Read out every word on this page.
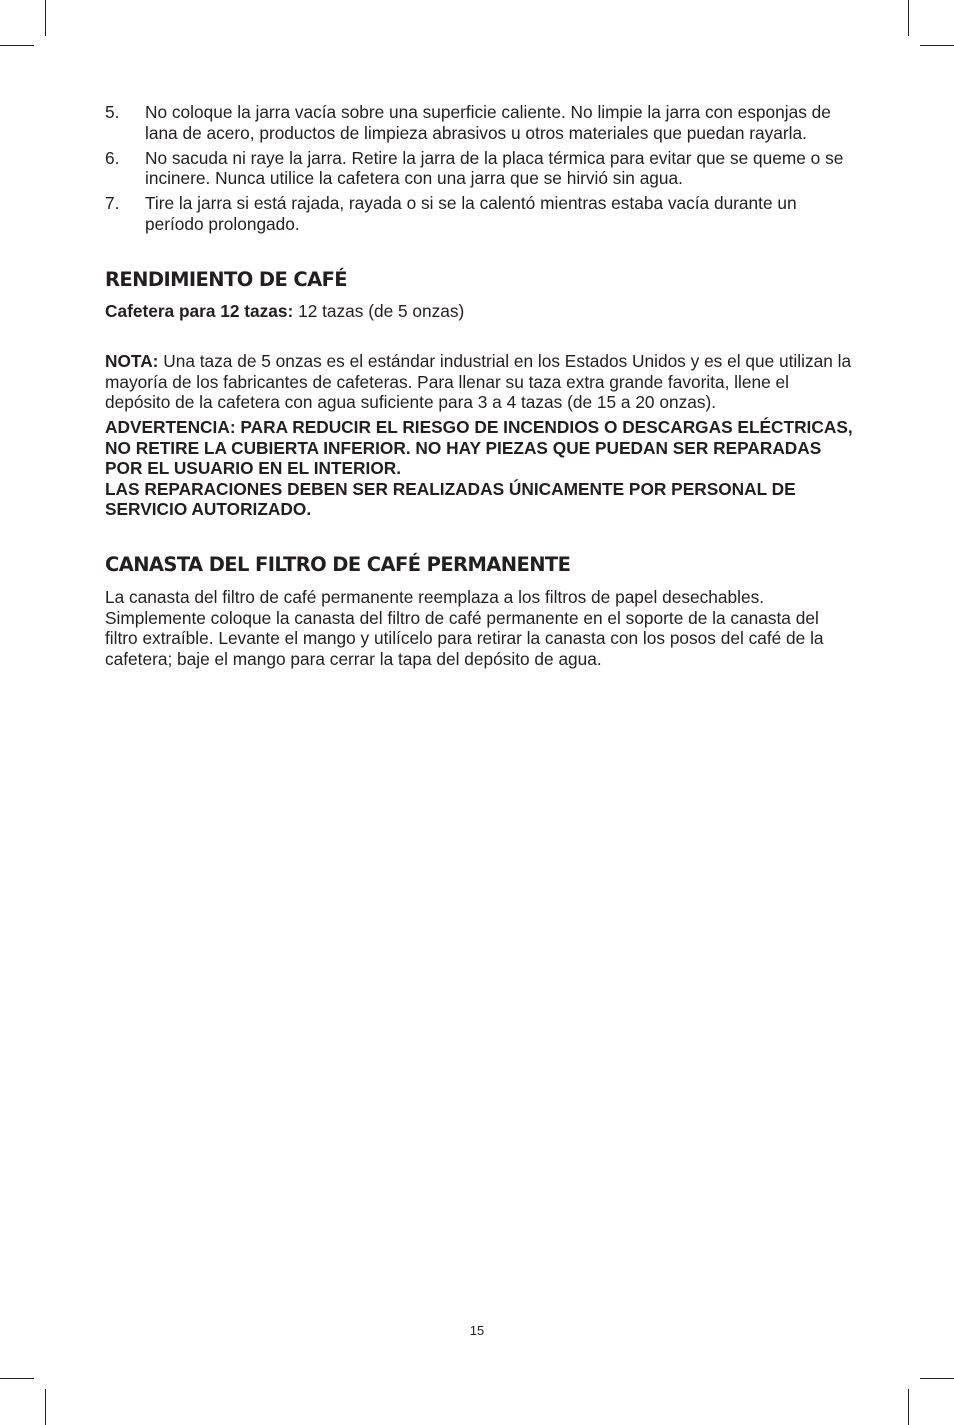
5. No coloque la jarra vacía sobre una superficie caliente. No limpie la jarra con esponjas de lana de acero, productos de limpieza abrasivos u otros materiales que puedan rayarla.
6. No sacuda ni raye la jarra. Retire la jarra de la placa térmica para evitar que se queme o se incinere. Nunca utilice la cafetera con una jarra que se hirvió sin agua.
7. Tire la jarra si está rajada, rayada o si se la calentó mientras estaba vacía durante un período prolongado.
RENDIMIENTO DE CAFÉ

Cafetera para 12 tazas: 12 tazas (de 5 onzas)

NOTA: Una taza de 5 onzas es el estándar industrial en los Estados Unidos y es el que utilizan la mayoría de los fabricantes de cafeteras. Para llenar su taza extra grande favorita, llene el depósito de la cafetera con agua suficiente para 3 a 4 tazas (de 15 a 20 onzas).

ADVERTENCIA: PARA REDUCIR EL RIESGO DE INCENDIOS O DESCARGAS ELÉCTRICAS, NO RETIRE LA CUBIERTA INFERIOR. NO HAY PIEZAS QUE PUEDAN SER REPARADAS POR EL USUARIO EN EL INTERIOR.

LAS REPARACIONES DEBEN SER REALIZADAS ÚNICAMENTE POR PERSONAL DE SERVICIO AUTORIZADO.

CANASTA DEL FILTRO DE CAFÉ PERMANENTE

La canasta del filtro de café permanente reemplaza a los filtros de papel desechables. Simplemente coloque la canasta del filtro de café permanente en el soporte de la canasta del filtro extraíble. Levante el mango y utilícelo para retirar la canasta con los posos del café de la cafetera; baje el mango para cerrar la tapa del depósito de agua.

15
